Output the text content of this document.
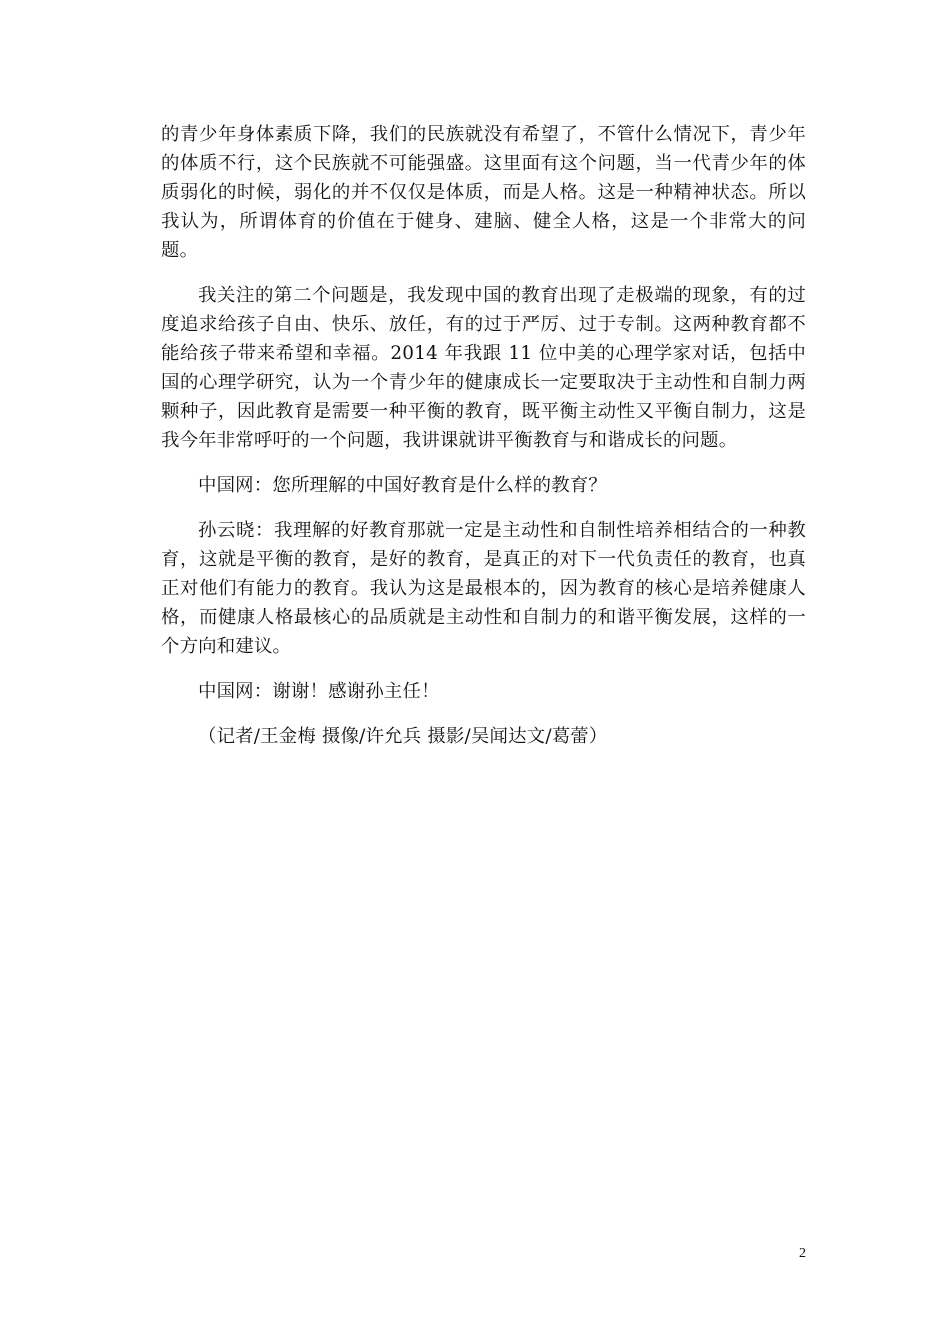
的青少年身体素质下降，我们的民族就没有希望了，不管什么情况下，青少年的体质不行，这个民族就不可能强盛。这里面有这个问题，当一代青少年的体质弱化的时候，弱化的并不仅仅是体质，而是人格。这是一种精神状态。所以我认为，所谓体育的价值在于健身、建脑、健全人格，这是一个非常大的问题。

我关注的第二个问题是，我发现中国的教育出现了走极端的现象，有的过度追求给孩子自由、快乐、放任，有的过于严厉、过于专制。这两种教育都不能给孩子带来希望和幸福。2014 年我跟 11 位中美的心理学家对话，包括中国的心理学研究，认为一个青少年的健康成长一定要取决于主动性和自制力两颗种子，因此教育是需要一种平衡的教育，既平衡主动性又平衡自制力，这是我今年非常呼吁的一个问题，我讲课就讲平衡教育与和谐成长的问题。

中国网：您所理解的中国好教育是什么样的教育？

孙云晓：我理解的好教育那就一定是主动性和自制性培养相结合的一种教育，这就是平衡的教育，是好的教育，是真正的对下一代负责任的教育，也真正对他们有能力的教育。我认为这是最根本的，因为教育的核心是培养健康人格，而健康人格最核心的品质就是主动性和自制力的和谐平衡发展，这样的一个方向和建议。

中国网：谢谢！感谢孙主任！

（记者/王金梅 摄像/许允兵 摄影/吴闻达文/葛蕾）

2
